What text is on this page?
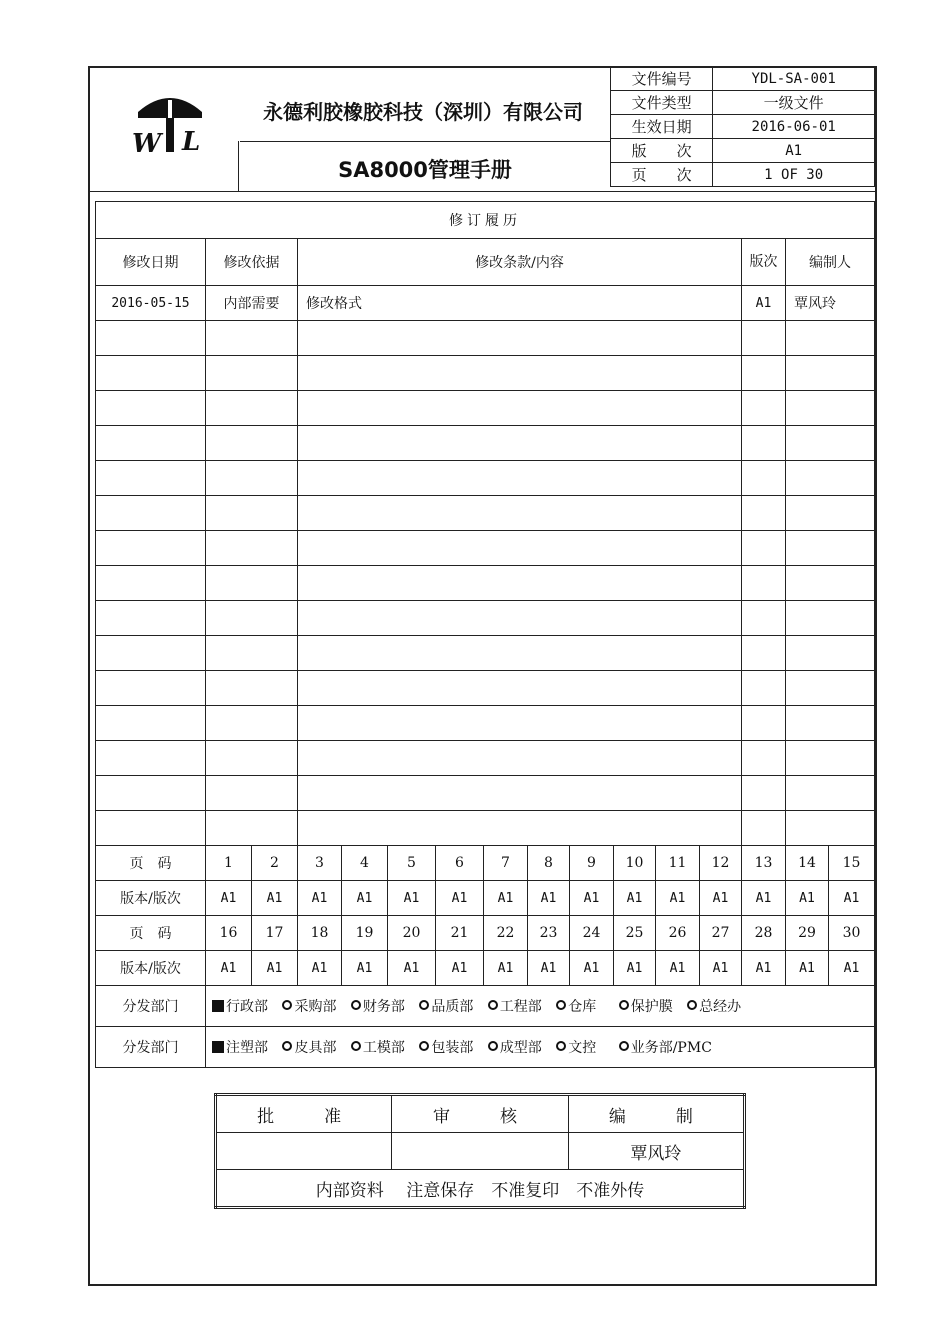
W L
永德利胶橡胶科技（深圳）有限公司
SA8000管理手册
文件编号	YDL-SA-001
文件类型	一级文件
生效日期	2016-06-01
版　　次	A1
页　　次	1 OF 30
修订履历															
修改日期	修改依据		修改条款/内容										版次	编制人	
2016-05-15	内部需要		修改格式										A1	覃风玲	

页　码	1	2	3	4	5	6	7	8	9	10	11	12	13	14	15
版本/版次	A1	A1	A1	A1	A1	A1	A1	A1	A1	A1	A1	A1	A1	A1	A1
页　码	16	17	18	19	20	21	22	23	24	25	26	27	28	29	30
版本/版次	A1	A1	A1	A1	A1	A1	A1	A1	A1	A1	A1	A1	A1	A1	A1
分发部门	行政部 采购部 财务部 品质部 工程部 仓库 保护膜 总经办														
分发部门	注塑部 皮具部 工模部 包装部 成型部 文控 业务部/PMC														
批准	审核	编制
		覃风玲
内部资料　 注意保存　不准复印　不准外传		
